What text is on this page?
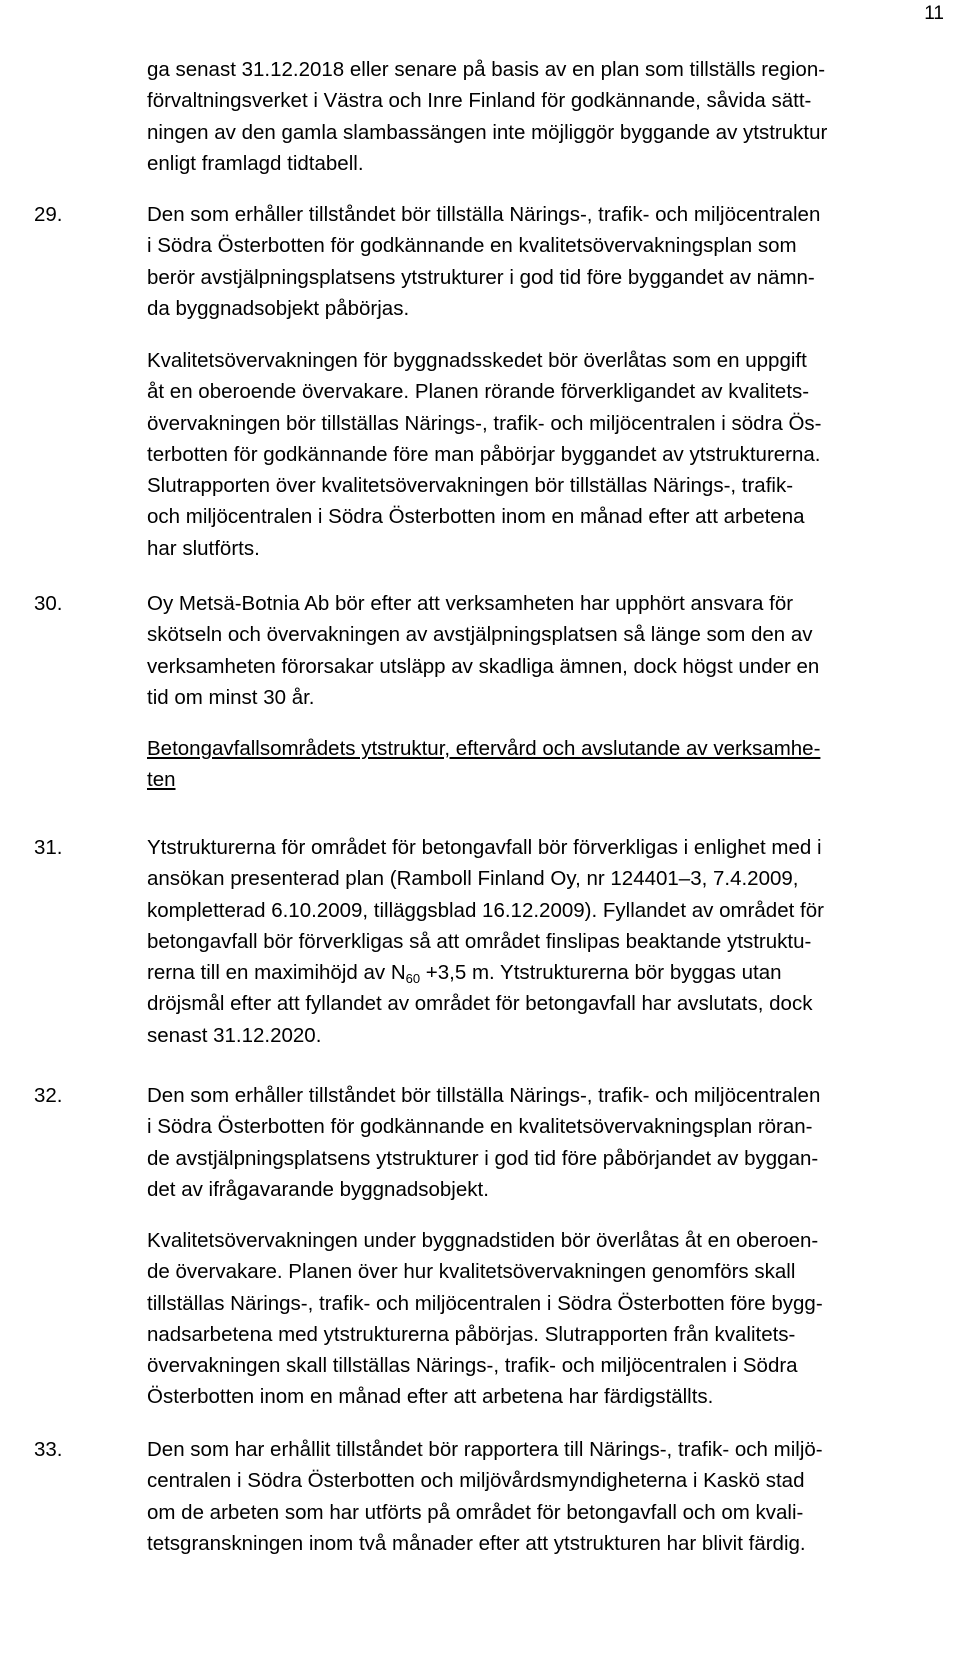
11
ga senast 31.12.2018 eller senare på basis av en plan som tillställs region-
förvaltningsverket i Västra och Inre Finland för godkännande, såvida sätt-
ningen av den gamla slambassängen inte möjliggör byggande av ytstruktur
enligt framlagd tidtabell.
29.	Den som erhåller tillståndet bör tillställa Närings-, trafik- och miljöcentralen
i Södra Österbotten för godkännande en kvalitetsövervakningsplan som
berör avstjälpningsplatsens ytstrukturer i god tid före byggandet av nämn-
da byggnadsobjekt påbörjas.
Kvalitetsövervakningen för byggnadsskedet bör överlåtas som en uppgift
åt en oberoende övervakare. Planen rörande förverkligandet av kvalitets-
övervakningen bör tillställas Närings-, trafik- och miljöcentralen i södra Ös-
terbotten för godkännande före man påbörjar byggandet av ytstrukturerna.
Slutrapporten över kvalitetsövervakningen bör tillställas Närings-, trafik-
och miljöcentralen i Södra Österbotten inom en månad efter att arbetena
har slutförts.
30.	Oy Metsä-Botnia Ab bör efter att verksamheten har upphört ansvara för
skötseln och övervakningen av avstjälpningsplatsen så länge som den av
verksamheten förorsakar utsläpp av skadliga ämnen, dock högst under en
tid om minst 30 år.
Betongavfallsområdets ytstruktur, eftervård och avslutande av verksamhe-
ten
31.	Ytstrukturerna för området för betongavfall bör förverkligas i enlighet med i
ansökan presenterad plan (Ramboll Finland Oy, nr 124401–3, 7.4.2009,
kompletterad 6.10.2009, tilläggsblad 16.12.2009). Fyllandet av området för
betongavfall bör förverkligas så att området finslipas beaktande ytstruktu-
rerna till en maximihöjd av $N_{60} +3,5$ m. Ytstrukturerna bör byggas utan
dröjsmål efter att fyllandet av området för betongavfall har avslutats, dock
senast 31.12.2020.
32.	Den som erhåller tillståndet bör tillställa Närings-, trafik- och miljöcentralen
i Södra Österbotten för godkännande en kvalitetsövervakningsplan röran-
de avstjälpningsplatsens ytstrukturer i god tid före påbörjandet av byggan-
det av ifrågavarande byggnadsobjekt.
Kvalitetsövervakningen under byggnadstiden bör överlåtas åt en oberoen-
de övervakare. Planen över hur kvalitetsövervakningen genomförs skall
tillställas Närings-, trafik- och miljöcentralen i Södra Österbotten före bygg-
nadsarbetena med ytstrukturerna påbörjas. Slutrapporten från kvalitets-
övervakningen skall tillställas Närings-, trafik- och miljöcentralen i Södra
Österbotten inom en månad efter att arbetena har färdigställts.
33.	Den som har erhållit tillståndet bör rapportera till Närings-, trafik- och miljö-
centralen i Södra Österbotten och miljövårdsmyndigheterna i Kaskö stad
om de arbeten som har utförts på området för betongavfall och om kvali-
tetsgranskningen inom två månader efter att ytstrukturen har blivit färdig.
